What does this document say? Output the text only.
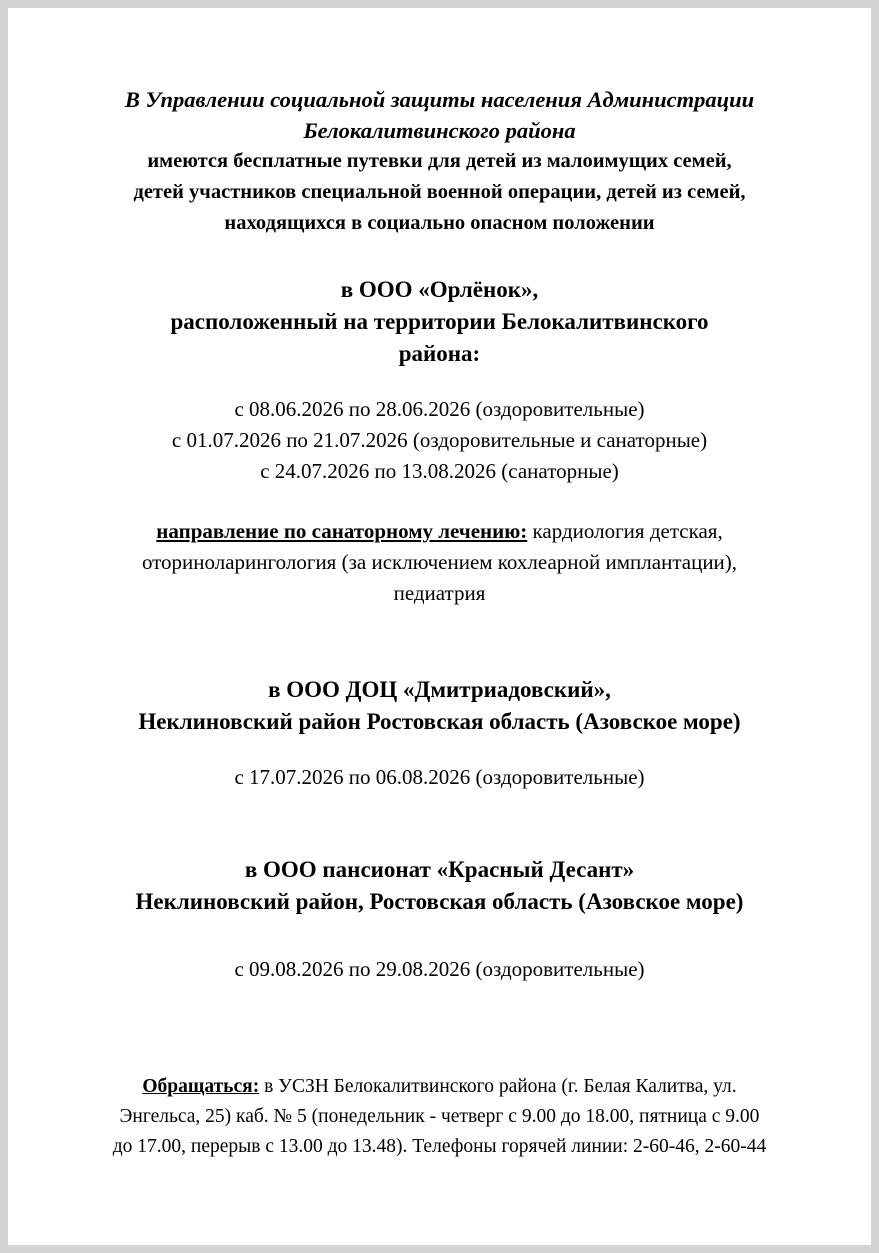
В Управлении социальной защиты населения Администрации
Белокалитвинского района
имеются бесплатные путевки для детей из малоимущих семей,
детей участников специальной военной операции, детей из семей,
находящихся в социально опасном положении
в ООО «Орлёнок»,
расположенный на территории Белокалитвинского
района:
с 08.06.2026 по 28.06.2026 (оздоровительные)
с 01.07.2026 по 21.07.2026 (оздоровительные и санаторные)
с 24.07.2026 по 13.08.2026 (санаторные)
направление по санаторному лечению: кардиология детская,
оториноларингология (за исключением кохлеарной имплантации),
педиатрия
в ООО ДОЦ «Дмитриадовский»,
Неклиновский район Ростовская область (Азовское море)
с 17.07.2026 по 06.08.2026 (оздоровительные)
в ООО пансионат «Красный Десант»
Неклиновский район, Ростовская область (Азовское море)
с 09.08.2026 по 29.08.2026 (оздоровительные)
Обращаться: в УСЗН Белокалитвинского района (г. Белая Калитва, ул.
Энгельса, 25) каб. № 5 (понедельник - четверг с 9.00 до 18.00, пятница с 9.00
до 17.00, перерыв с 13.00 до 13.48). Телефоны горячей линии: 2-60-46, 2-60-44
